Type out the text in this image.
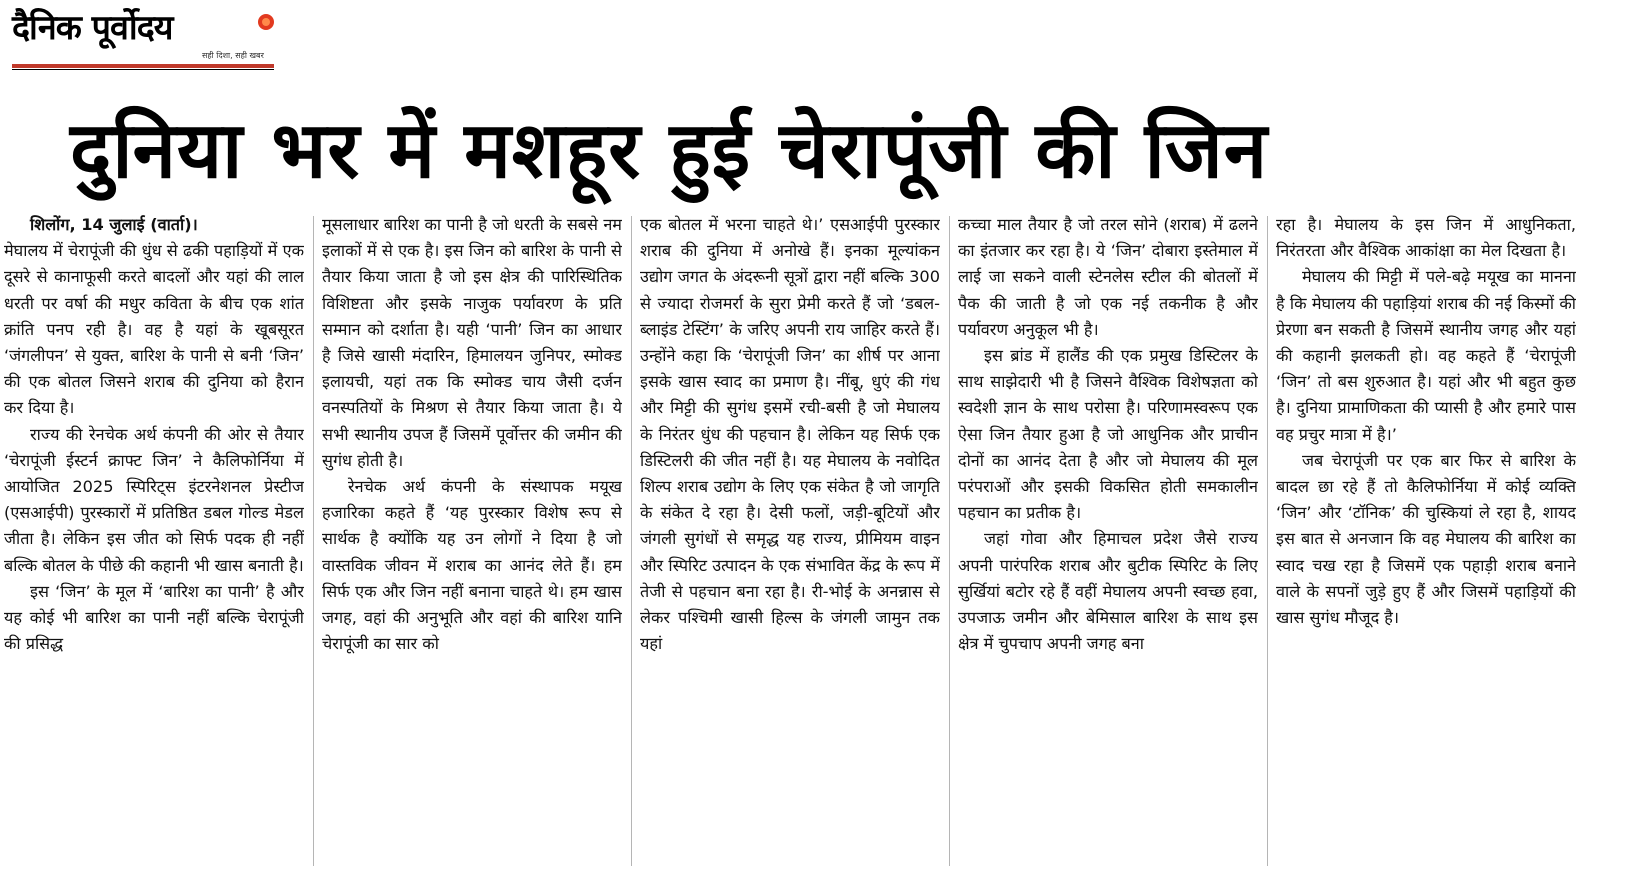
दैनिक पूर्वोदय
सही दिशा, सही खबर
दुनिया भर में मशहूर हुई चेरापूंजी की जिन

शिलोंग, 14 जुलाई (वार्ता)।

मेघालय में चेरापूंजी की धुंध से ढकी पहाड़ियों में एक दूसरे से कानाफूसी करते बादलों और यहां की लाल धरती पर वर्षा की मधुर कविता के बीच एक शांत क्रांति पनप रही है। वह है यहां के खूबसूरत ‘जंगलीपन’ से युक्त, बारिश के पानी से बनी ‘जिन’ की एक बोतल जिसने शराब की दुनिया को हैरान कर दिया है।

राज्य की रेनचेक अर्थ कंपनी की ओर से तैयार ‘चेरापूंजी ईस्टर्न क्राफ्ट जिन’ ने कैलिफोर्निया में आयोजित 2025 स्पिरिट्स इंटरनेशनल प्रेस्टीज (एसआईपी) पुरस्कारों में प्रतिष्ठित डबल गोल्ड मेडल जीता है। लेकिन इस जीत को सिर्फ पदक ही नहीं बल्कि बोतल के पीछे की कहानी भी खास बनाती है।

इस ‘जिन’ के मूल में ‘बारिश का पानी’ है और यह कोई भी बारिश का पानी नहीं बल्कि चेरापूंजी की प्रसिद्ध

मूसलाधार बारिश का पानी है जो धरती के सबसे नम इलाकों में से एक है। इस जिन को बारिश के पानी से तैयार किया जाता है जो इस क्षेत्र की पारिस्थितिक विशिष्टता और इसके नाजुक पर्यावरण के प्रति सम्मान को दर्शाता है। यही ‘पानी’ जिन का आधार है जिसे खासी मंदारिन, हिमालयन जुनिपर, स्मोक्ड इलायची, यहां तक कि स्मोक्ड चाय जैसी दर्जन वनस्पतियों के मिश्रण से तैयार किया जाता है। ये सभी स्थानीय उपज हैं जिसमें पूर्वोत्तर की जमीन की सुगंध होती है।

रेनचेक अर्थ कंपनी के संस्थापक मयूख हजारिका कहते हैं ‘यह पुरस्कार विशेष रूप से सार्थक है क्योंकि यह उन लोगों ने दिया है जो वास्तविक जीवन में शराब का आनंद लेते हैं। हम सिर्फ एक और जिन नहीं बनाना चाहते थे। हम खास जगह, वहां की अनुभूति और वहां की बारिश यानि चेरापूंजी का सार को

एक बोतल में भरना चाहते थे।’ एसआईपी पुरस्कार शराब की दुनिया में अनोखे हैं। इनका मूल्यांकन उद्योग जगत के अंदरूनी सूत्रों द्वारा नहीं बल्कि 300 से ज्यादा रोजमर्रा के सुरा प्रेमी करते हैं जो ‘डबल-ब्लाइंड टेस्टिंग’ के जरिए अपनी राय जाहिर करते हैं। उन्होंने कहा कि ‘चेरापूंजी जिन’ का शीर्ष पर आना इसके खास स्वाद का प्रमाण है। नींबू, धुएं की गंध और मिट्टी की सुगंध इसमें रची-बसी है जो मेघालय के निरंतर धुंध की पहचान है। लेकिन यह सिर्फ एक डिस्टिलरी की जीत नहीं है। यह मेघालय के नवोदित शिल्प शराब उद्योग के लिए एक संकेत है जो जागृति के संकेत दे रहा है। देसी फलों, जड़ी-बूटियों और जंगली सुगंधों से समृद्ध यह राज्य, प्रीमियम वाइन और स्पिरिट उत्पादन के एक संभावित केंद्र के रूप में तेजी से पहचान बना रहा है। री-भोई के अनन्नास से लेकर पश्चिमी खासी हिल्स के जंगली जामुन तक यहां

कच्चा माल तैयार है जो तरल सोने (शराब) में ढलने का इंतजार कर रहा है। ये ‘जिन’ दोबारा इस्तेमाल में लाई जा सकने वाली स्टेनलेस स्टील की बोतलों में पैक की जाती है जो एक नई तकनीक है और पर्यावरण अनुकूल भी है।

इस ब्रांड में हालैंड की एक प्रमुख डिस्टिलर के साथ साझेदारी भी है जिसने वैश्विक विशेषज्ञता को स्वदेशी ज्ञान के साथ परोसा है। परिणामस्वरूप एक ऐसा जिन तैयार हुआ है जो आधुनिक और प्राचीन दोनों का आनंद देता है और जो मेघालय की मूल परंपराओं और इसकी विकसित होती समकालीन पहचान का प्रतीक है।

जहां गोवा और हिमाचल प्रदेश जैसे राज्य अपनी पारंपरिक शराब और बुटीक स्पिरिट के लिए सुर्खियां बटोर रहे हैं वहीं मेघालय अपनी स्वच्छ हवा, उपजाऊ जमीन और बेमिसाल बारिश के साथ इस क्षेत्र में चुपचाप अपनी जगह बना

रहा है। मेघालय के इस जिन में आधुनिकता, निरंतरता और वैश्विक आकांक्षा का मेल दिखता है।

मेघालय की मिट्टी में पले-बढ़े मयूख का मानना है कि मेघालय की पहाड़ियां शराब की नई किस्मों की प्रेरणा बन सकती है जिसमें स्थानीय जगह और यहां की कहानी झलकती हो। वह कहते हैं ‘चेरापूंजी ‘जिन’ तो बस शुरुआत है। यहां और भी बहुत कुछ है। दुनिया प्रामाणिकता की प्यासी है और हमारे पास वह प्रचुर मात्रा में है।’

जब चेरापूंजी पर एक बार फिर से बारिश के बादल छा रहे हैं तो कैलिफोर्निया में कोई व्यक्ति ‘जिन’ और ‘टॉनिक’ की चुस्कियां ले रहा है, शायद इस बात से अनजान कि वह मेघालय की बारिश का स्वाद चख रहा है जिसमें एक पहाड़ी शराब बनाने वाले के सपनों जुड़े हुए हैं और जिसमें पहाड़ियों की खास सुगंध मौजूद है।
